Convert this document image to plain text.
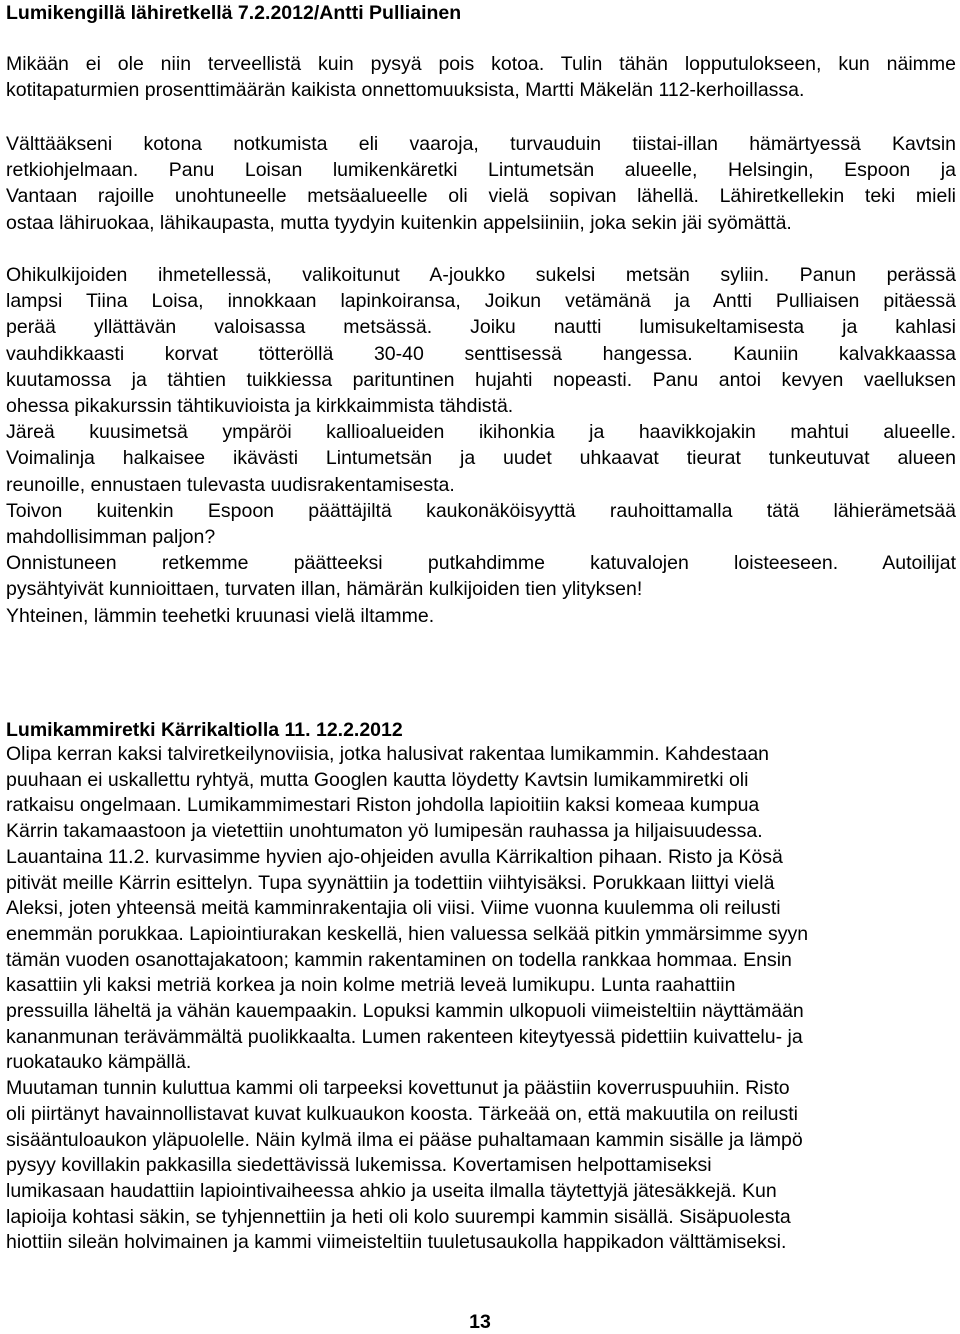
Lumikengillä lähiretkellä 7.2.2012/Antti Pulliainen

Mikään ei ole niin terveellistä kuin pysyä pois kotoa. Tulin tähän lopputulokseen, kun näimme
kotitapaturmien prosenttimäärän kaikista onnettomuuksista, Martti Mäkelän 112-kerhoillassa.

Välttääkseni kotona notkumista eli vaaroja, turvauduin tiistai-illan hämärtyessä Kavtsin
retkiohjelmaan. Panu Loisan lumikenkäretki Lintumetsän alueelle, Helsingin, Espoon ja
Vantaan rajoille unohtuneelle metsäalueelle oli vielä sopivan lähellä. Lähiretkellekin teki mieli
ostaa lähiruokaa, lähikaupasta, mutta tyydyin kuitenkin appelsiiniin, joka sekin jäi syömättä.

Ohikulkijoiden ihmetellessä, valikoitunut A-joukko sukelsi metsän syliin. Panun perässä
lampsi Tiina Loisa, innokkaan lapinkoiransa, Joikun vetämänä ja Antti Pulliaisen pitäessä
perää yllättävän valoisassa metsässä. Joiku nautti lumisukeltamisesta ja kahlasi
vauhdikkaasti korvat tötteröllä 30-40 senttisessä hangessa. Kauniin kalvakkaassa
kuutamossa ja tähtien tuikkiessa parituntinen hujahti nopeasti. Panu antoi kevyen vaelluksen
ohessa pikakurssin tähtikuvioista ja kirkkaimmista tähdistä.
Järeä kuusimetsä ympäröi kallioalueiden ikihonkia ja haavikkojakin mahtui alueelle.
Voimalinja halkaisee ikävästi Lintumetsän ja uudet uhkaavat tieurat tunkeutuvat alueen
reunoille, ennustaen tulevasta uudisrakentamisesta.
Toivon kuitenkin Espoon päättäjiltä kaukonäköisyyttä rauhoittamalla tätä lähierämetsää
mahdollisimman paljon?
Onnistuneen retkemme päätteeksi putkahdimme katuvalojen loisteeseen. Autoilijat
pysähtyivät kunnioittaen, turvaten illan, hämärän kulkijoiden tien ylityksen!
Yhteinen, lämmin teehetki kruunasi vielä iltamme.

Lumikammiretki Kärrikaltiolla 11. 12.2.2012

Olipa kerran kaksi talviretkeilynoviisia, jotka halusivat rakentaa lumikammin. Kahdestaan
puuhaan ei uskallettu ryhtyä, mutta Googlen kautta löydetty Kavtsin lumikammiretki oli
ratkaisu ongelmaan. Lumikammimestari Riston johdolla lapioitiin kaksi komeaa kumpua
Kärrin takamaastoon ja vietettiin unohtumaton yö lumipesän rauhassa ja hiljaisuudessa.
Lauantaina 11.2. kurvasimme hyvien ajo-ohjeiden avulla Kärrikaltion pihaan. Risto ja Kösä
pitivät meille Kärrin esittelyn. Tupa syynättiin ja todettiin viihtyisäksi. Porukkaan liittyi vielä
Aleksi, joten yhteensä meitä kamminrakentajia oli viisi. Viime vuonna kuulemma oli reilusti
enemmän porukkaa. Lapiointiurakan keskellä, hien valuessa selkää pitkin ymmärsimme syyn
tämän vuoden osanottajakatoon; kammin rakentaminen on todella rankkaa hommaa. Ensin
kasattiin yli kaksi metriä korkea ja noin kolme metriä leveä lumikupu. Lunta raahattiin
pressuilla läheltä ja vähän kauempaakin. Lopuksi kammin ulkopuoli viimeisteltiin näyttämään
kananmunan terävämmältä puolikkaalta. Lumen rakenteen kiteytyessä pidettiin kuivattelu- ja
ruokatauko kämpällä.
Muutaman tunnin kuluttua kammi oli tarpeeksi kovettunut ja päästiin koverruspuuhiin. Risto
oli piirtänyt havainnollistavat kuvat kulkuaukon koosta. Tärkeää on, että makuutila on reilusti
sisääntuloaukon yläpuolelle. Näin kylmä ilma ei pääse puhaltamaan kammin sisälle ja lämpö
pysyy kovillakin pakkasilla siedettävissä lukemissa. Kovertamisen helpottamiseksi
lumikasaan haudattiin lapiointivaiheessa ahkio ja useita ilmalla täytettyjä jätesäkkejä. Kun
lapioija kohtasi säkin, se tyhjennettiin ja heti oli kolo suurempi kammin sisällä. Sisäpuolesta
hiottiin sileän holvimainen ja kammi viimeisteltiin tuuletusaukolla happikadon välttämiseksi.

13
